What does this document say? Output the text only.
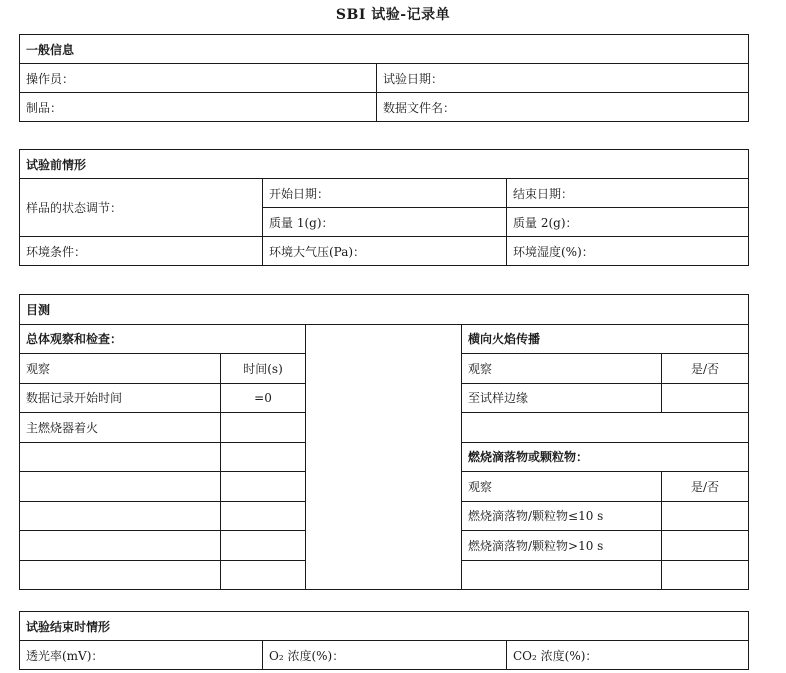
SBI 试验-记录单
一般信息	
操作员：	试验日期：
制品：	数据文件名：
试验前情形		
样品的状态调节：	开始日期：	结束日期：
	质量 1(g)：	质量 2(g)：
环境条件：	环境大气压(Pa)：	环境湿度(%)：
目测				
总体观察和检查：			横向火焰传播	
观察	时间(s)		观察	是/否
数据记录开始时间	=0		至试样边缘	
主燃烧器着火				
			燃烧滴落物或颗粒物：	
			观察	是/否
			燃烧滴落物/颗粒物≤10 s	
			燃烧滴落物/颗粒物>10 s	

试验结束时情形
透光率(mV)：	O₂ 浓度(%)：	CO₂ 浓度(%)：
